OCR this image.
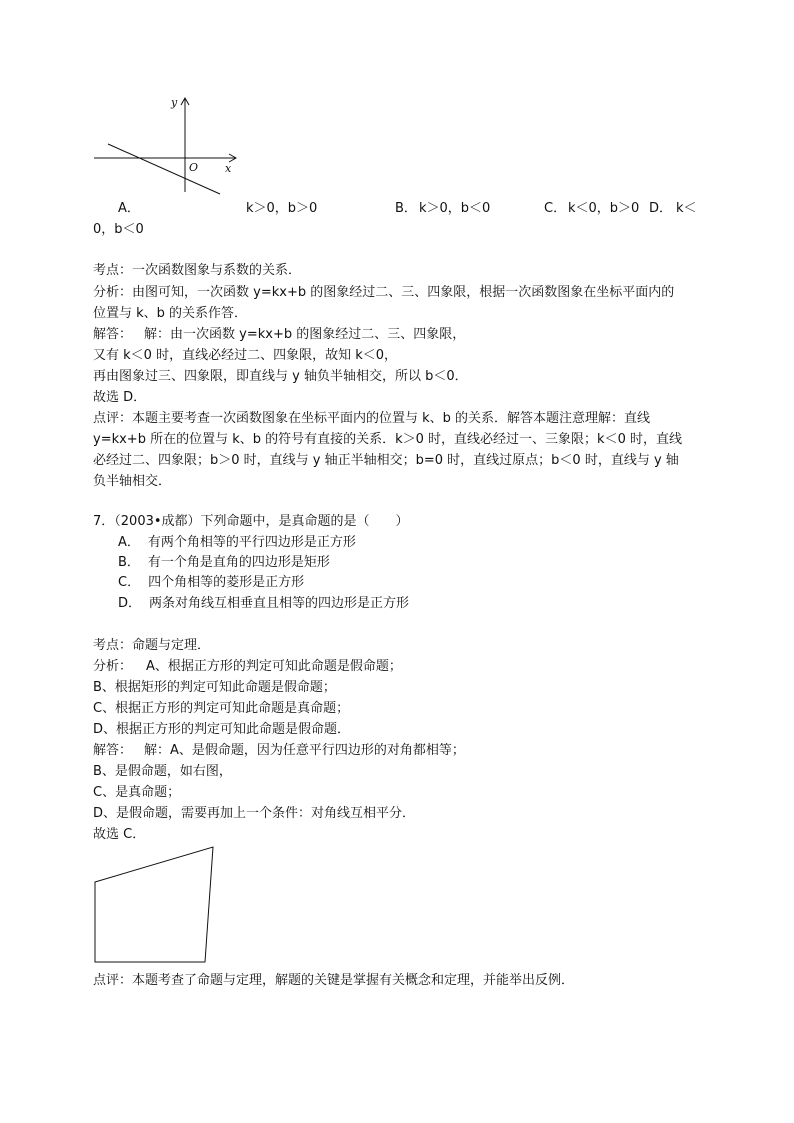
y
x
O
A．	k＞0，b＞0	B． k＞0，b＜0	C． k＜0，b＞0 D． k＜
0，b＜0
考点：一次函数图象与系数的关系．
分析：由图可知，一次函数 y=kx+b 的图象经过二、三、四象限，根据一次函数图象在坐标平面内的
位置与 k、b 的关系作答．
解答： 解：由一次函数 y=kx+b 的图象经过二、三、四象限，
又有 k＜0 时，直线必经过二、四象限，故知 k＜0，
再由图象过三、四象限，即直线与 y 轴负半轴相交，所以 b＜0．
故选 D．
点评：本题主要考查一次函数图象在坐标平面内的位置与 k、b 的关系．解答本题注意理解：直线
y=kx+b 所在的位置与 k、b 的符号有直接的关系．k＞0 时，直线必经过一、三象限；k＜0 时，直线
必经过二、四象限；b＞0 时，直线与 y 轴正半轴相交；b=0 时，直线过原点；b＜0 时，直线与 y 轴
负半轴相交．
7．（2003•成都）下列命题中，是真命题的是（　　）
A． 有两个角相等的平行四边形是正方形
B． 有一个角是直角的四边形是矩形
C． 四个角相等的菱形是正方形
D． 两条对角线互相垂直且相等的四边形是正方形
考点：命题与定理．
分析： A、根据正方形的判定可知此命题是假命题；
B、根据矩形的判定可知此命题是假命题；
C、根据正方形的判定可知此命题是真命题；
D、根据正方形的判定可知此命题是假命题．
解答： 解：A、是假命题，因为任意平行四边形的对角都相等；
B、是假命题，如右图，
C、是真命题；
D、是假命题，需要再加上一个条件：对角线互相平分．
故选 C．
点评：本题考查了命题与定理，解题的关键是掌握有关概念和定理，并能举出反例．
